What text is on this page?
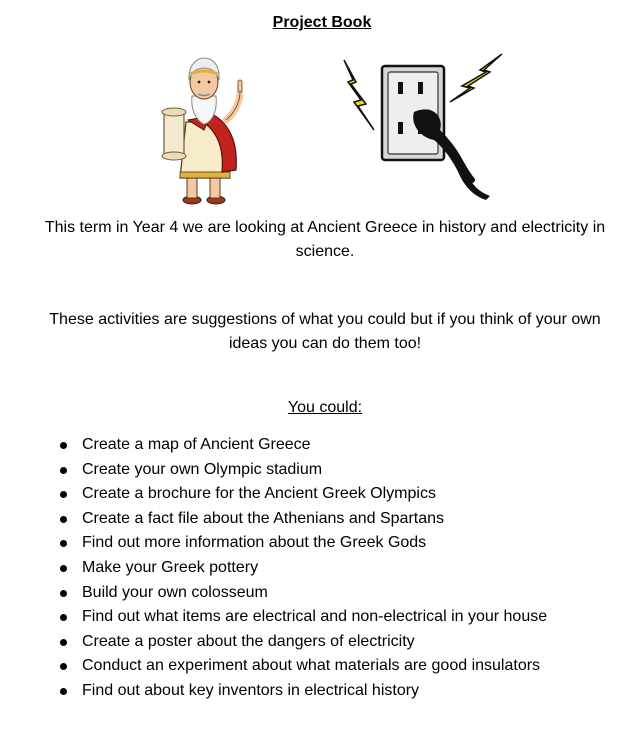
Project Book
This term in Year 4 we are looking at Ancient Greece in history and electricity in science.
These activities are suggestions of what you could but if you think of your own ideas you can do them too!
You could:
Create a map of Ancient Greece
Create your own Olympic stadium
Create a brochure for the Ancient Greek Olympics
Create a fact file about the Athenians and Spartans
Find out more information about the Greek Gods
Make your Greek pottery
Build your own colosseum
Find out what items are electrical and non-electrical in your house
Create a poster about the dangers of electricity
Conduct an experiment about what materials are good insulators
Find out about key inventors in electrical history
